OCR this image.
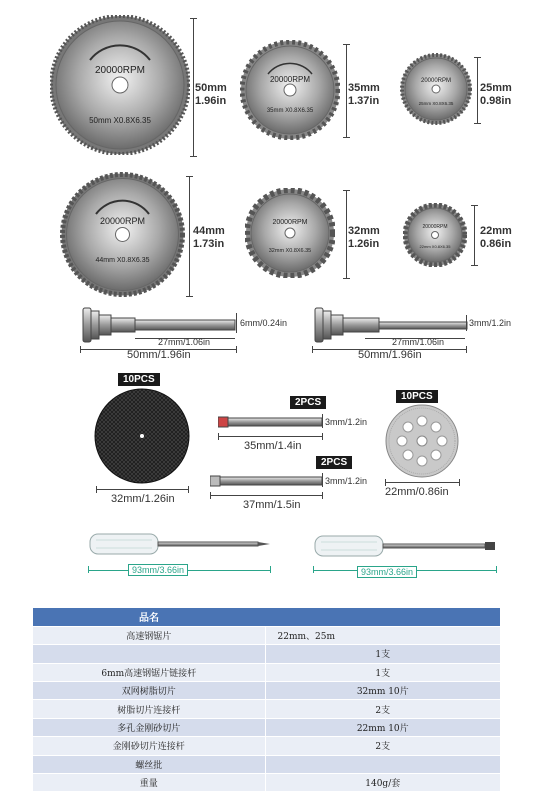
20000RPM
50mm X0.8X6.35
50mm
1.96in
20000RPM
35mm X0.8X6.35
35mm
1.37in
20000RPM
25mm X0.8X6.35
25mm
0.98in
20000RPM
44mm X0.8X6.35
44mm
1.73in
20000RPM
32mm X0.8X6.35
32mm
1.26in
20000RPM
22mm X0.8X6.35
22mm
0.86in
6mm/0.24in
27mm/1.06in
50mm/1.96in
3mm/1.2in
27mm/1.06in
50mm/1.96in
10PCS
32mm/1.26in
2PCS
3mm/1.2in
35mm/1.4in
2PCS
3mm/1.2in
37mm/1.5in
10PCS
22mm/0.86in
93mm/3.66in	93mm/3.66in
品名	
高速钢锯片	22mm、25m
	1支
6mm高速钢锯片链接杆	1支
双网树脂切片	32mm 10片
树脂切片连接杆	2支
多孔金刚砂切片	22mm 10片
金刚砂切片连接杆	2支
螺丝批	
重量	140g/套
